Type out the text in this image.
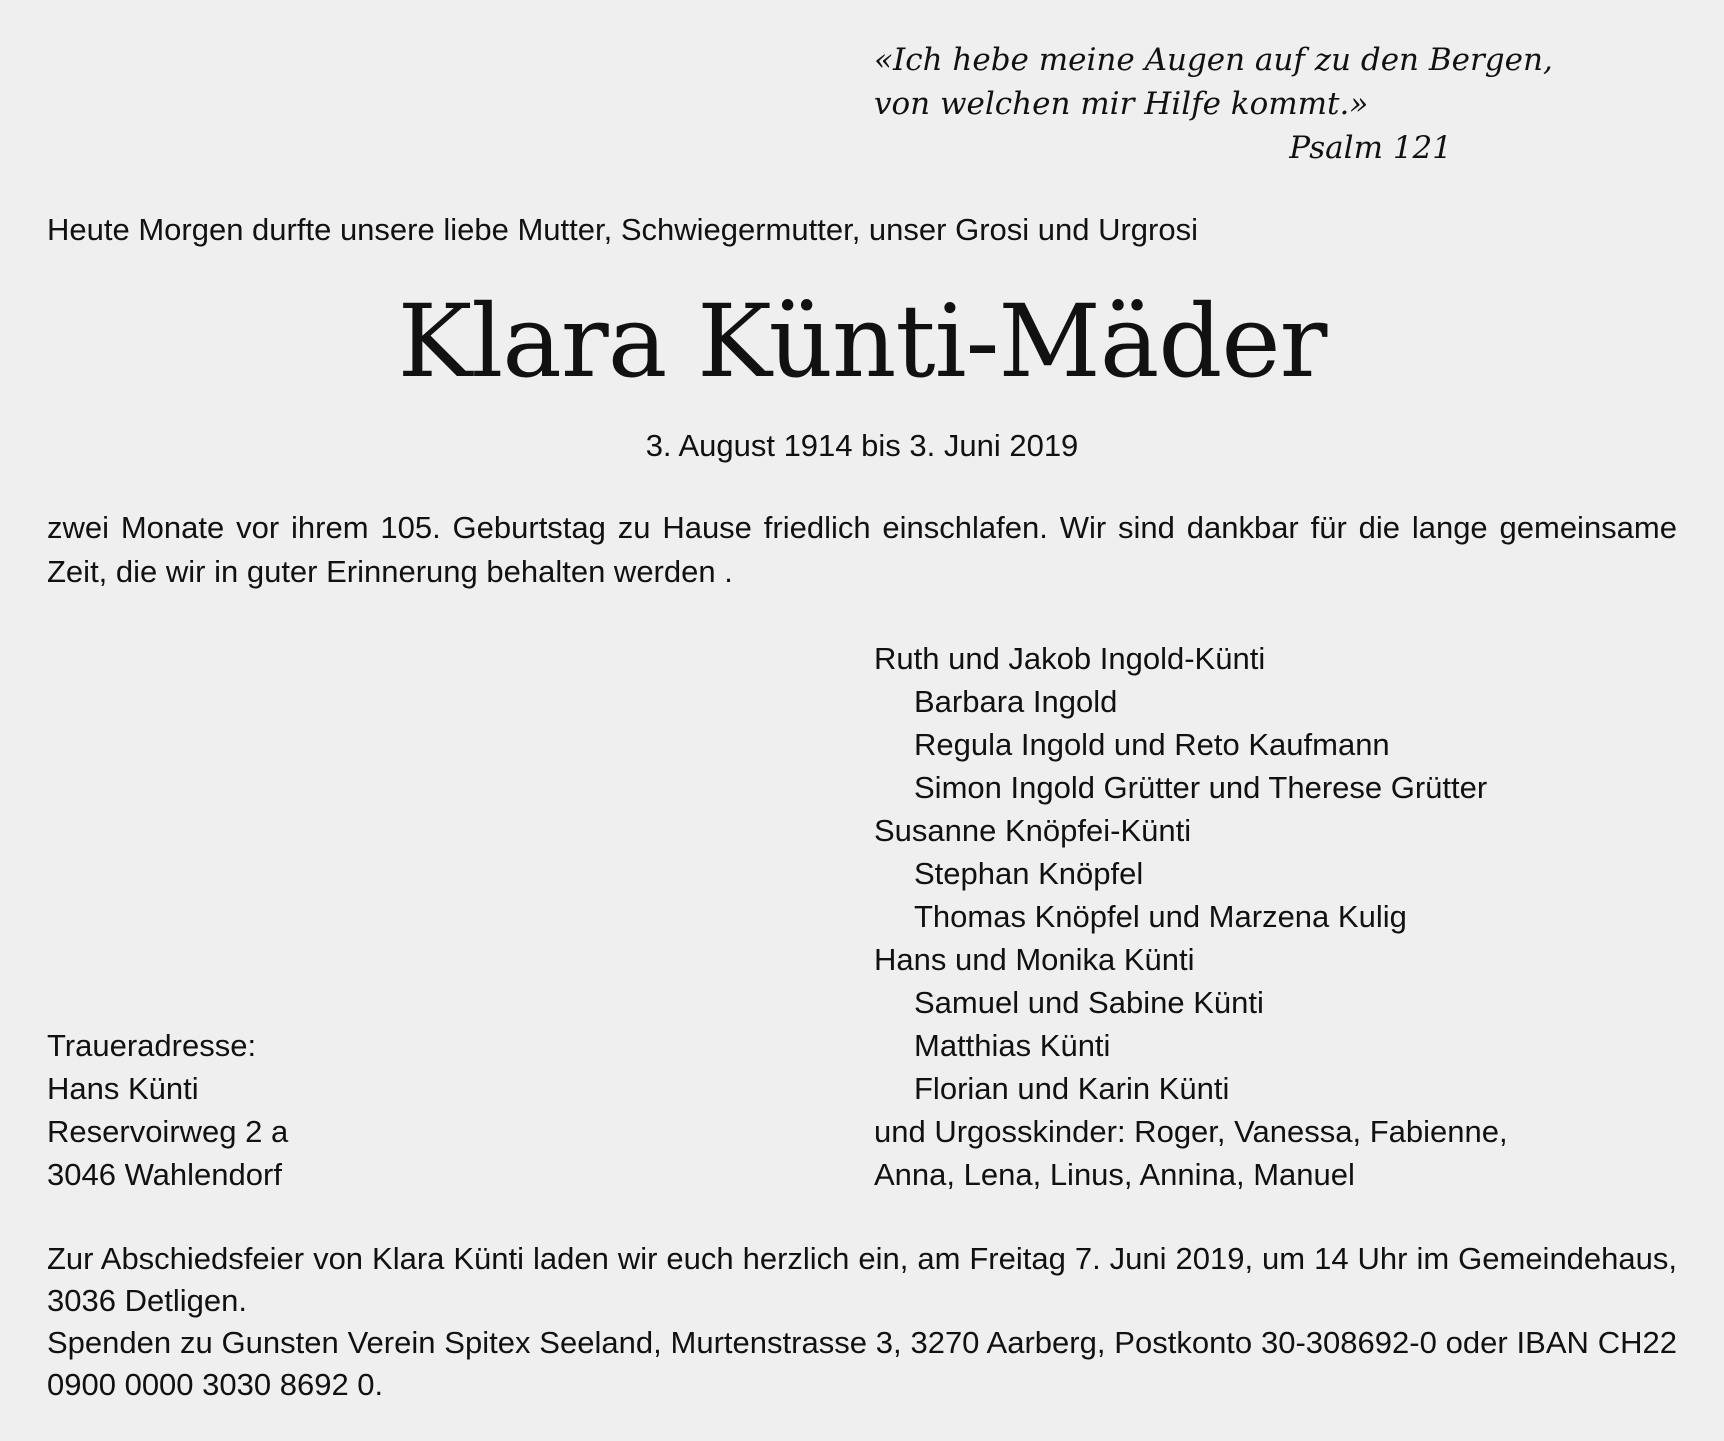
«Ich hebe meine Augen auf zu den Bergen,
von welchen mir Hilfe kommt.»
Psalm 121
Heute Morgen durfte unsere liebe Mutter, Schwiegermutter, unser Grosi und Urgrosi
Klara Künti-Mäder
3. August 1914 bis 3. Juni 2019
zwei Monate vor ihrem 105. Geburtstag zu Hause friedlich einschlafen. Wir sind dankbar für die lange gemeinsame Zeit, die wir in guter Erinnerung behalten werden .
Ruth und Jakob Ingold-Künti
Barbara Ingold
Regula Ingold und Reto Kaufmann
Simon Ingold Grütter und Therese Grütter
Susanne Knöpfei-Künti
Stephan Knöpfel
Thomas Knöpfel und Marzena Kulig
Hans und Monika Künti
Samuel und Sabine Künti
Matthias Künti
Florian und Karin Künti
und Urgosskinder: Roger, Vanessa, Fabienne,
Anna, Lena, Linus, Annina, Manuel
Traueradresse:
Hans Künti
Reservoirweg 2 a
3046 Wahlendorf

Zur Abschiedsfeier von Klara Künti laden wir euch herzlich ein, am Freitag 7. Juni 2019, um 14 Uhr im Gemeindehaus, 3036 Detligen.

Spenden zu Gunsten Verein Spitex Seeland, Murtenstrasse 3, 3270 Aarberg, Postkonto 30-308692-0 oder IBAN CH22 0900 0000 3030 8692 0.
